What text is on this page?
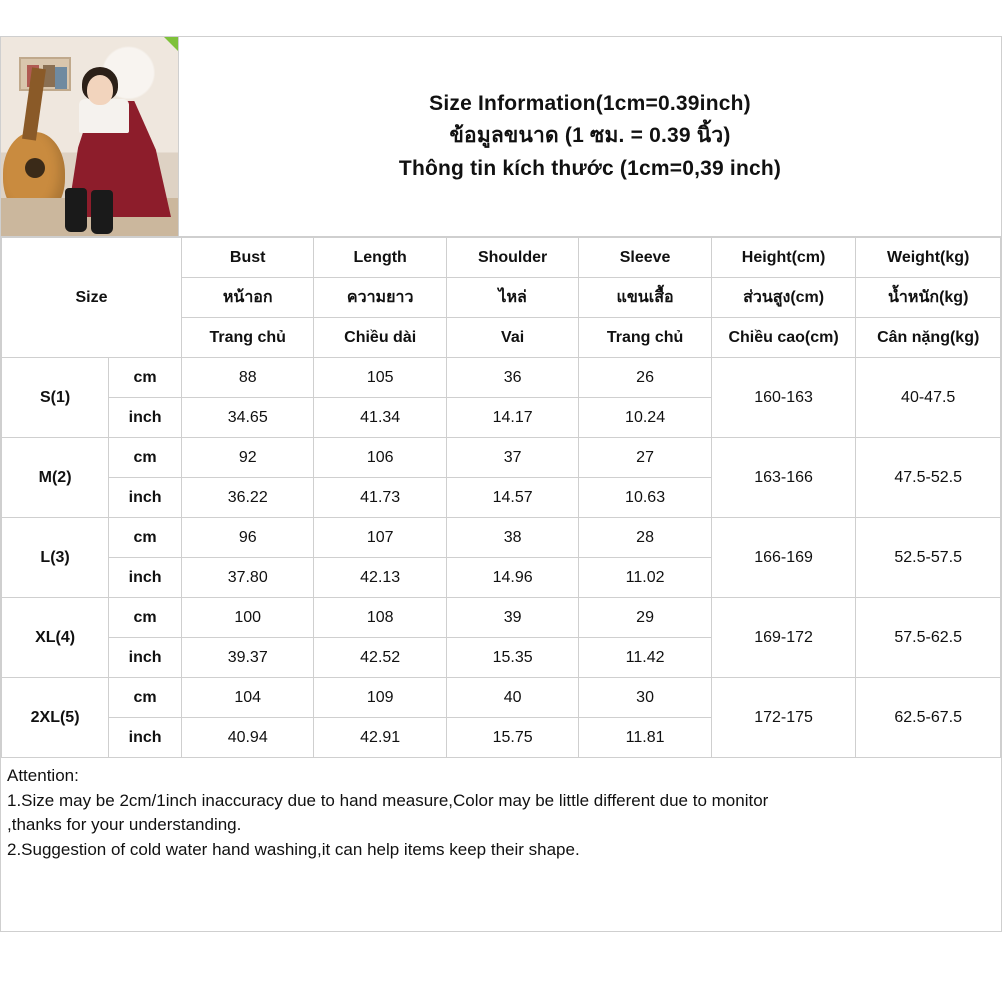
Size Information(1cm=0.39inch)
ข้อมูลขนาด (1 ซม. = 0.39 นิ้ว)
Thông tin kích thước (1cm=0,39 inch)
Size		Bust	Length	Shoulder	Sleeve	Height(cm)	Weight(kg)
		หน้าอก	ความยาว	ไหล่	แขนเสื้อ	ส่วนสูง(cm)	น้ำหนัก(kg)
		Trang chủ	Chiều dài	Vai	Trang chủ	Chiều cao(cm)	Cân nặng(kg)
S(1)	cm	88	105	36	26	160-163	40-47.5
	inch	34.65	41.34	14.17	10.24		
M(2)	cm	92	106	37	27	163-166	47.5-52.5
	inch	36.22	41.73	14.57	10.63		
L(3)	cm	96	107	38	28	166-169	52.5-57.5
	inch	37.80	42.13	14.96	11.02		
XL(4)	cm	100	108	39	29	169-172	57.5-62.5
	inch	39.37	42.52	15.35	11.42		
2XL(5)	cm	104	109	40	30	172-175	62.5-67.5
	inch	40.94	42.91	15.75	11.81		
Attention:
1.Size may be 2cm/1inch inaccuracy due to hand measure,Color may be little different due to monitor
,thanks for your understanding.
2.Suggestion of cold water hand washing,it can help items keep their shape.
